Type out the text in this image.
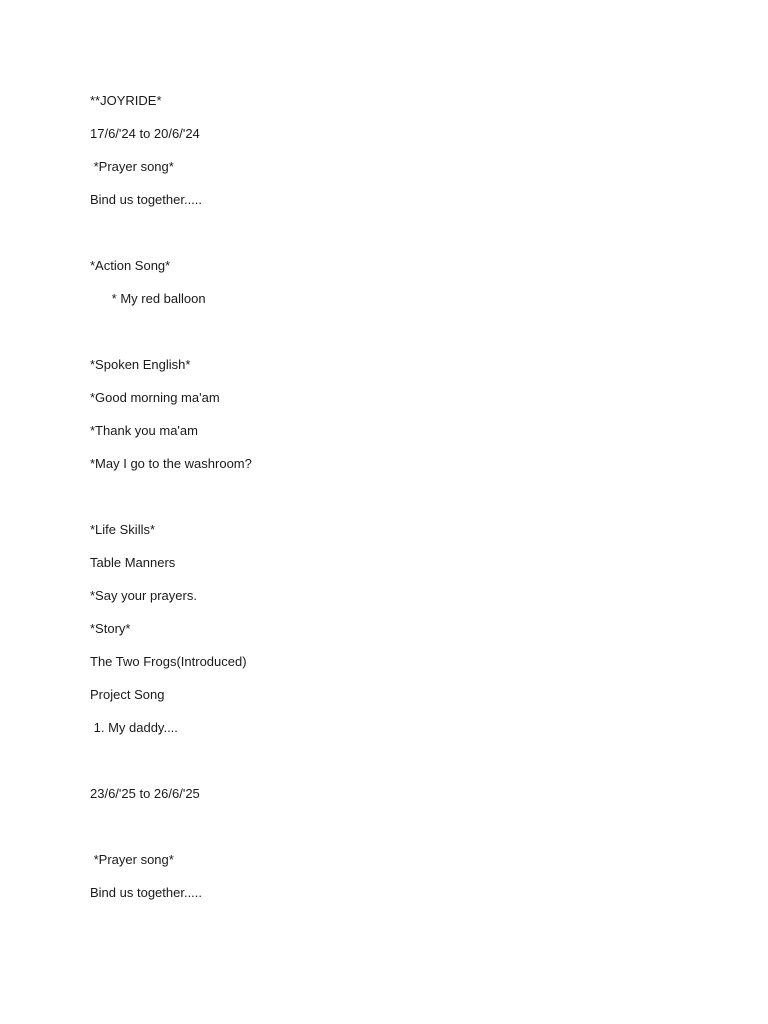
**JOYRIDE*
17/6/'24 to 20/6/'24
*Prayer song*
Bind us together.....
*Action Song*
* My red balloon
*Spoken English*
*Good morning ma'am
*Thank you ma'am
*May I go to the washroom?
*Life Skills*
Table Manners
*Say your prayers.
*Story*
The Two Frogs(Introduced)
Project Song
1. My daddy....
23/6/'25 to 26/6/'25
*Prayer song*
Bind us together.....
